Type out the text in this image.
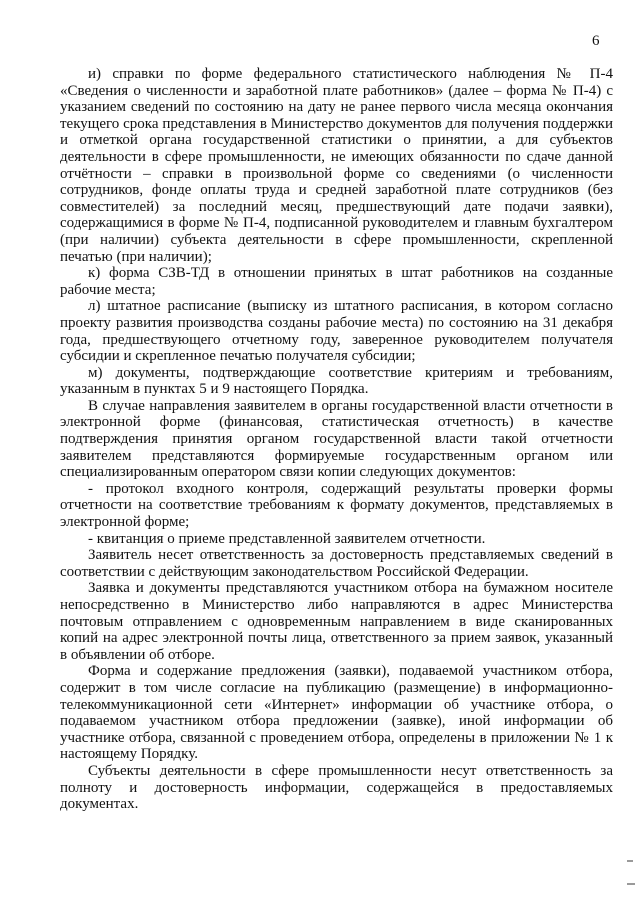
6

и) справки по форме федерального статистического наблюдения № П-4 «Сведения о численности и заработной плате работников» (далее – форма № П-4) с указанием сведений по состоянию на дату не ранее первого числа месяца окончания текущего срока представления в Министерство документов для получения поддержки и отметкой органа государственной статистики о принятии, а для субъектов деятельности в сфере промышленности, не имеющих обязанности по сдаче данной отчётности – справки в произвольной форме со сведениями (о численности сотрудников, фонде оплаты труда и средней заработной плате сотрудников (без совместителей) за последний месяц, предшествующий дате подачи заявки), содержащимися в форме № П-4, подписанной руководителем и главным бухгалтером (при наличии) субъекта деятельности в сфере промышленности, скрепленной печатью (при наличии);

к) форма СЗВ-ТД в отношении принятых в штат работников на созданные рабочие места;

л) штатное расписание (выписку из штатного расписания, в котором согласно проекту развития производства созданы рабочие места) по состоянию на 31 декабря года, предшествующего отчетному году, заверенное руководителем получателя субсидии и скрепленное печатью получателя субсидии;

м) документы, подтверждающие соответствие критериям и требованиям, указанным в пунктах 5 и 9 настоящего Порядка.

В случае направления заявителем в органы государственной власти отчетности в электронной форме (финансовая, статистическая отчетность) в качестве подтверждения принятия органом государственной власти такой отчетности заявителем представляются формируемые государственным органом или специализированным оператором связи копии следующих документов:

- протокол входного контроля, содержащий результаты проверки формы отчетности на соответствие требованиям к формату документов, представляемых в электронной форме;

- квитанция о приеме представленной заявителем отчетности.

Заявитель несет ответственность за достоверность представляемых сведений в соответствии с действующим законодательством Российской Федерации.

Заявка и документы представляются участником отбора на бумажном носителе непосредственно в Министерство либо направляются в адрес Министерства почтовым отправлением с одновременным направлением в виде сканированных копий на адрес электронной почты лица, ответственного за прием заявок, указанный в объявлении об отборе.

Форма и содержание предложения (заявки), подаваемой участником отбора, содержит в том числе согласие на публикацию (размещение) в информационно-телекоммуникационной сети «Интернет» информации об участнике отбора, о подаваемом участником отбора предложении (заявке), иной информации об участнике отбора, связанной с проведением отбора, определены в приложении № 1 к настоящему Порядку.

Субъекты деятельности в сфере промышленности несут ответственность за полноту и достоверность информации, содержащейся в предоставляемых документах.
